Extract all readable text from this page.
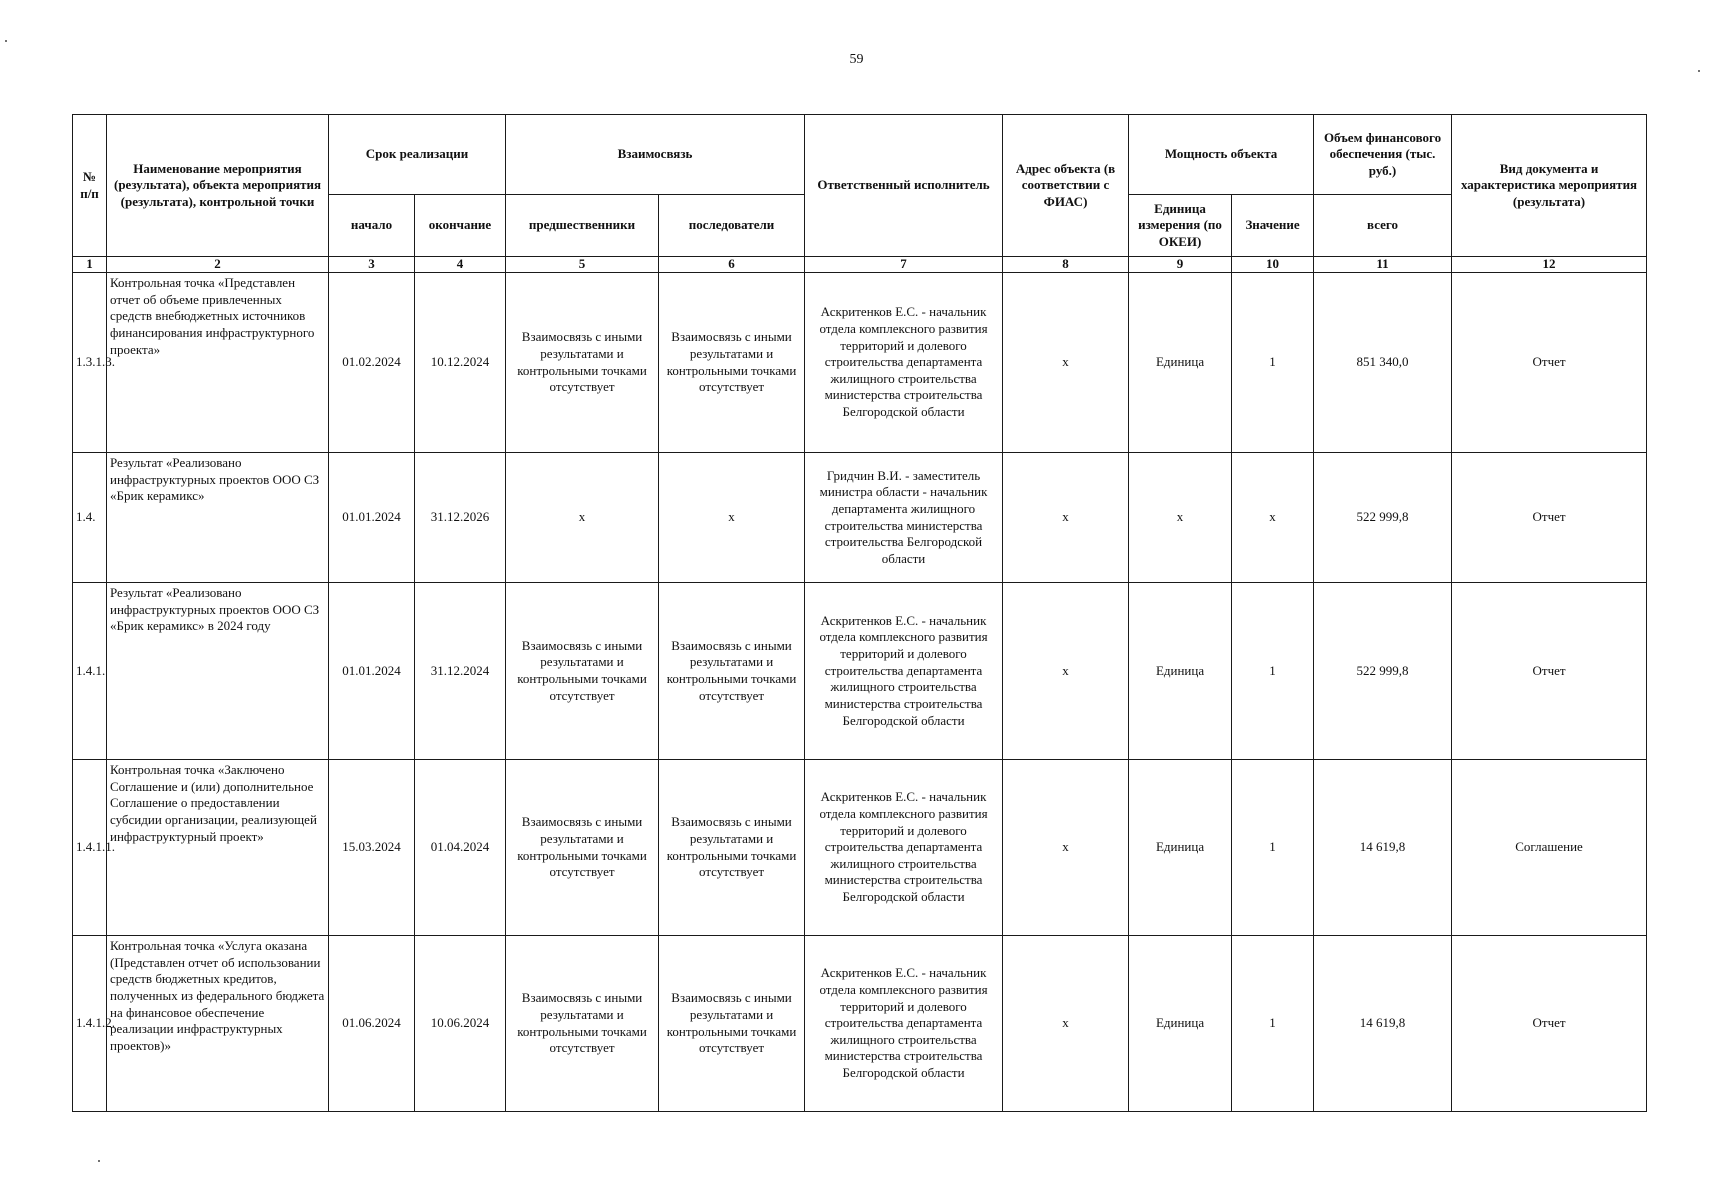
59
№ п/п	Наименование мероприятия (результата), объекта мероприятия (результата), контрольной точки	Срок реализации		Взаимосвязь		Ответственный исполнитель	Адрес объекта (в соответствии с ФИАС)	Мощность объекта		Объем финансового обеспечения (тыс. руб.)	Вид документа и характеристика мероприятия (результата)
		начало	окончание	предшественники	последователи			Единица измерения (по ОКЕИ)	Значение	всего	
1	2	3	4	5	6	7	8	9	10	11	12
1.3.1.3.	Контрольная точка «Представлен отчет об объеме привлеченных средств внебюджетных источников финансирования инфраструктурного проекта»	01.02.2024	10.12.2024	Взаимосвязь с иными результатами и контрольными точками отсутствует	Взаимосвязь с иными результатами и контрольными точками отсутствует	Аскритенков Е.С. - начальник отдела комплексного развития территорий и долевого строительства департамента жилищного строительства министерства строительства Белгородской области	х	Единица	1	851 340,0	Отчет
1.4.	Результат «Реализовано инфраструктурных проектов ООО СЗ «Брик керамикс»	01.01.2024	31.12.2026	х	х	Гридчин В.И. - заместитель министра области - начальник департамента жилищного строительства министерства строительства Белгородской области	х	х	х	522 999,8	Отчет
1.4.1.	Результат «Реализовано инфраструктурных проектов ООО СЗ «Брик керамикс» в 2024 году	01.01.2024	31.12.2024	Взаимосвязь с иными результатами и контрольными точками отсутствует	Взаимосвязь с иными результатами и контрольными точками отсутствует	Аскритенков Е.С. - начальник отдела комплексного развития территорий и долевого строительства департамента жилищного строительства министерства строительства Белгородской области	х	Единица	1	522 999,8	Отчет
1.4.1.1.	Контрольная точка «Заключено Соглашение и (или) дополнительное Соглашение о предоставлении субсидии организации, реализующей инфраструктурный проект»	15.03.2024	01.04.2024	Взаимосвязь с иными результатами и контрольными точками отсутствует	Взаимосвязь с иными результатами и контрольными точками отсутствует	Аскритенков Е.С. - начальник отдела комплексного развития территорий и долевого строительства департамента жилищного строительства министерства строительства Белгородской области	х	Единица	1	14 619,8	Соглашение
1.4.1.2.	Контрольная точка «Услуга оказана (Представлен отчет об использовании средств бюджетных кредитов, полученных из федерального бюджета на финансовое обеспечение реализации инфраструктурных проектов)»	01.06.2024	10.06.2024	Взаимосвязь с иными результатами и контрольными точками отсутствует	Взаимосвязь с иными результатами и контрольными точками отсутствует	Аскритенков Е.С. - начальник отдела комплексного развития территорий и долевого строительства департамента жилищного строительства министерства строительства Белгородской области	х	Единица	1	14 619,8	Отчет
